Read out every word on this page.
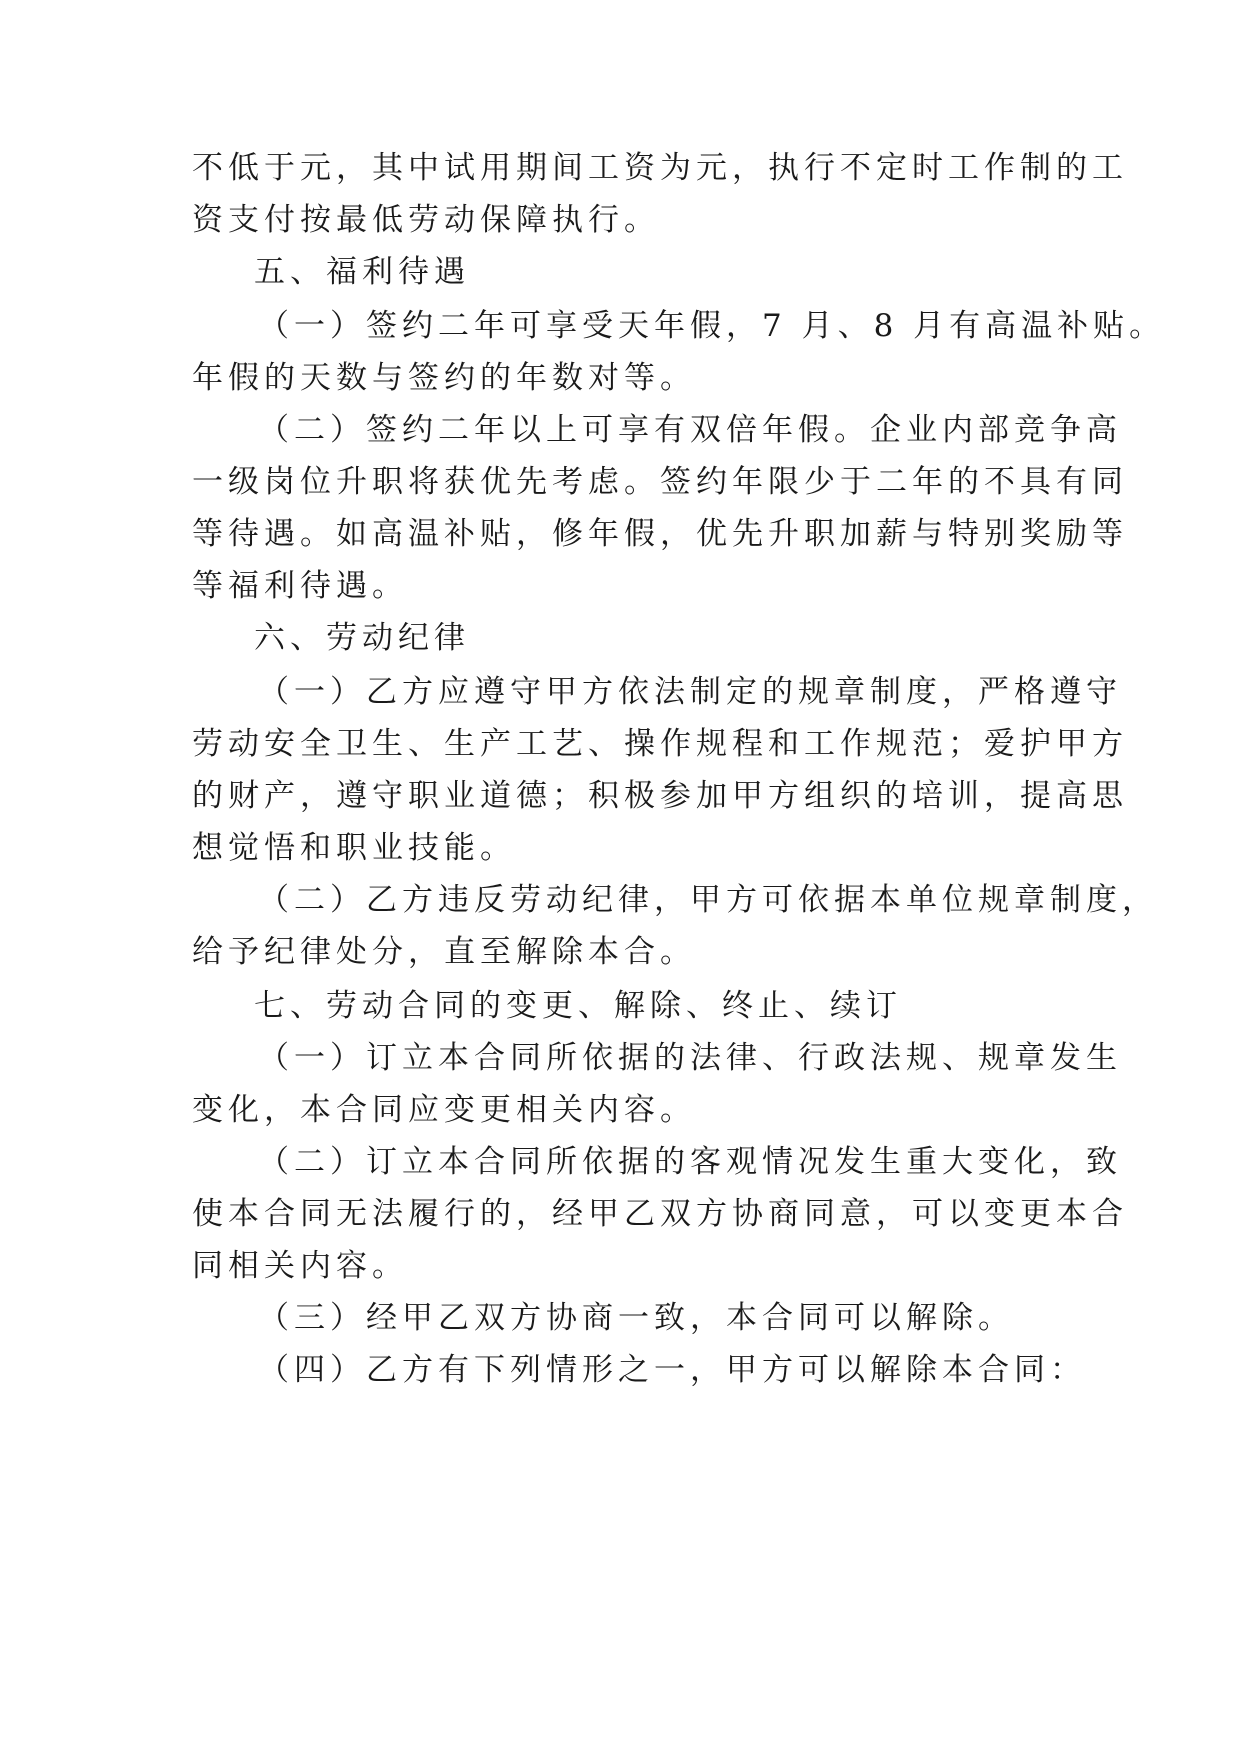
不低于元，其中试用期间工资为元，执行不定时工作制的工

资支付按最低劳动保障执行。

五、福利待遇

（一）签约二年可享受天年假，7 月、8 月有高温补贴。

年假的天数与签约的年数对等。

（二）签约二年以上可享有双倍年假。企业内部竞争高

一级岗位升职将获优先考虑。签约年限少于二年的不具有同

等待遇。如高温补贴，修年假，优先升职加薪与特别奖励等

等福利待遇。

六、劳动纪律

（一）乙方应遵守甲方依法制定的规章制度，严格遵守

劳动安全卫生、生产工艺、操作规程和工作规范；爱护甲方

的财产，遵守职业道德；积极参加甲方组织的培训，提高思

想觉悟和职业技能。

（二）乙方违反劳动纪律，甲方可依据本单位规章制度，

给予纪律处分，直至解除本合。

七、劳动合同的变更、解除、终止、续订

（一）订立本合同所依据的法律、行政法规、规章发生

变化，本合同应变更相关内容。

（二）订立本合同所依据的客观情况发生重大变化，致

使本合同无法履行的，经甲乙双方协商同意，可以变更本合

同相关内容。

（三）经甲乙双方协商一致，本合同可以解除。

（四）乙方有下列情形之一，甲方可以解除本合同：
